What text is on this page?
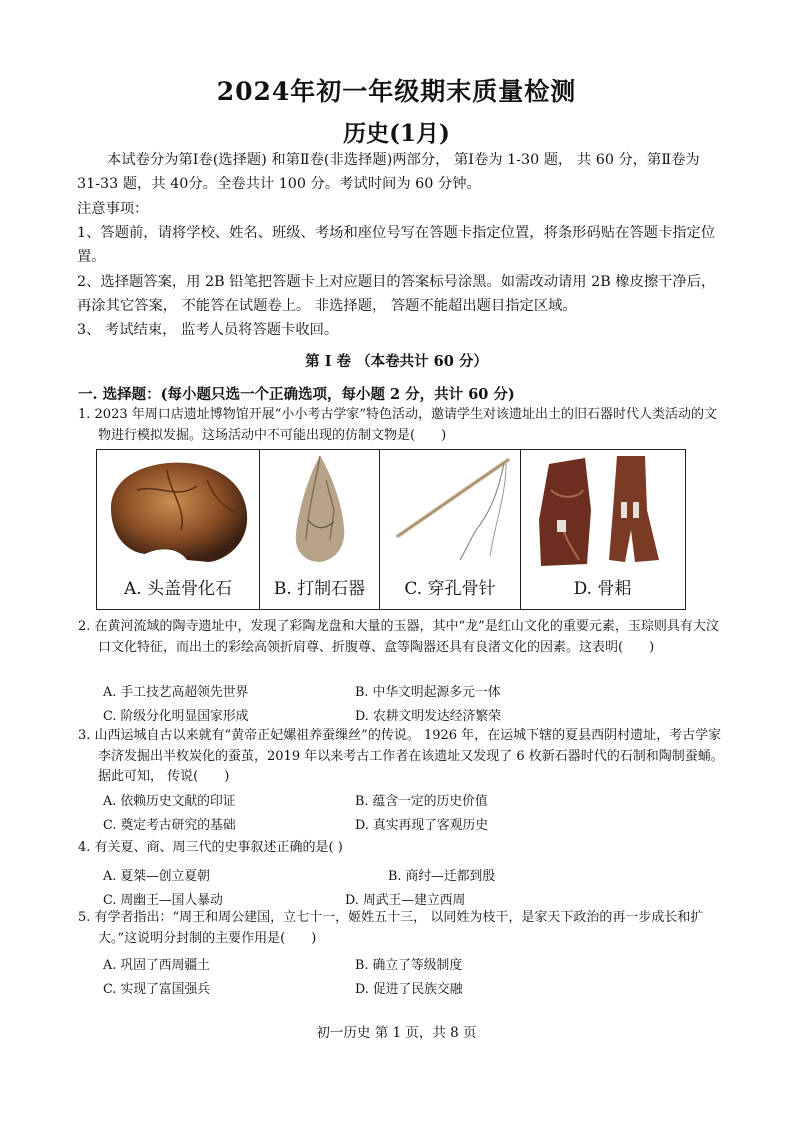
2024年初一年级期末质量检测
历史(1月)
本试卷分为第Ⅰ卷(选择题) 和第Ⅱ卷(非选择题)两部分， 第Ⅰ卷为 1-30 题， 共 60 分，第Ⅱ卷为 31-33 题，共 40分。全卷共计 100 分。考试时间为 60 分钟。
注意事项：
1、答题前，请将学校、姓名、班级、考场和座位号写在答题卡指定位置，将条形码贴在答题卡指定位置。
2、选择题答案，用 2B 铅笔把答题卡上对应题目的答案标号涂黑。如需改动请用 2B 橡皮擦干净后， 再涂其它答案， 不能答在试题卷上。 非选择题， 答题不能超出题目指定区域。
3、 考试结束， 监考人员将答题卡收回。
第 Ⅰ 卷 （本卷共计 60 分）
一. 选择题：(每小题只选一个正确选项，每小题 2 分，共计 60 分)
1. 2023 年周口店遗址博物馆开展“小小考古学家”特色活动，邀请学生对该遗址出土的旧石器时代人类活动的文物进行模拟发掘。这场活动中不可能出现的仿制文物是(　　)
A. 头盖骨化石	B. 打制石器	C. 穿孔骨针	D. 骨耜
2. 在黄河流域的陶寺遗址中，发现了彩陶龙盘和大量的玉器，其中“龙”是红山文化的重要元素，玉琮则具有大汶口文化特征，而出土的彩绘高领折肩尊、折腹尊、盒等陶器还具有良渚文化的因素。这表明(　　)
A. 手工技艺高超领先世界	B. 中华文明起源多元一体
C. 阶级分化明显国家形成	D. 农耕文明发达经济繁荣
3. 山西运城自古以来就有“黄帝正妃嫘祖养蚕缫丝”的传说。 1926 年，在运城下辖的夏县西阴村遗址，考古学家李济发掘出半枚炭化的蚕茧，2019 年以来考古工作者在该遗址又发现了 6 枚新石器时代的石制和陶制蚕蛹。 据此可知， 传说(　　)
A. 依赖历史文献的印证	B. 蕴含一定的历史价值
C. 奠定考古研究的基础	D. 真实再现了客观历史
4. 有关夏、商、周三代的史事叙述正确的是( )
A. 夏桀—创立夏朝	B. 商纣—迁都到殷
C. 周幽王—国人暴动	D. 周武王—建立西周
5. 有学者指出：“周王和周公建国，立七十一，姬姓五十三， 以同姓为枝干，是家天下政治的再一步成长和扩大。”这说明分封制的主要作用是(　　)
A. 巩固了西周疆土	B. 确立了等级制度
C. 实现了富国强兵	D. 促进了民族交融
初一历史 第 1 页，共 8 页
